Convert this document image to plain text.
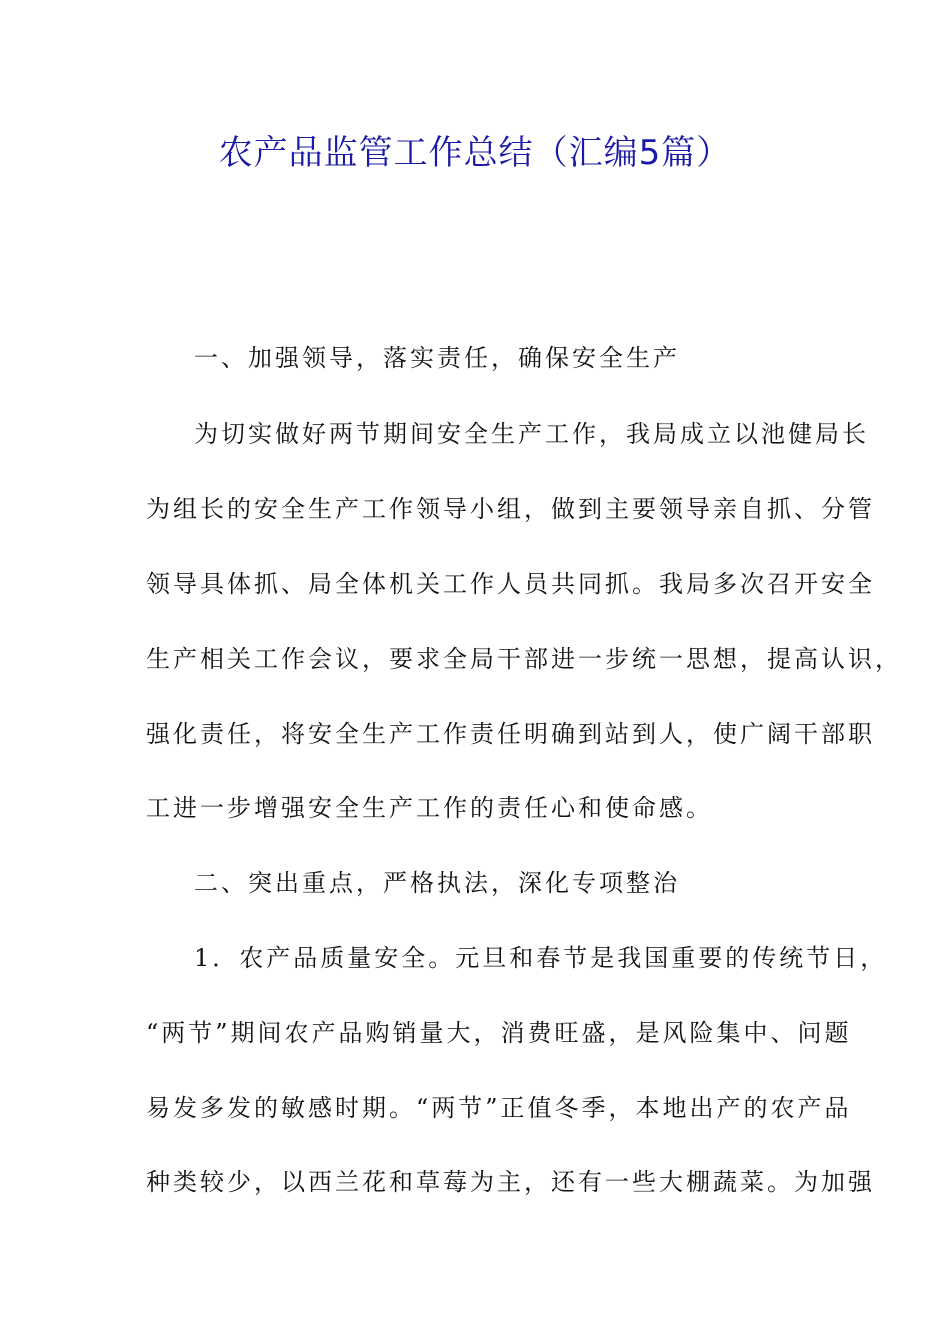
农产品监管工作总结（汇编5篇）
一、加强领导，落实责任，确保安全生产
为切实做好两节期间安全生产工作，我局成立以池健局长
为组长的安全生产工作领导小组，做到主要领导亲自抓、分管
领导具体抓、局全体机关工作人员共同抓。我局多次召开安全
生产相关工作会议，要求全局干部进一步统一思想，提高认识，
强化责任，将安全生产工作责任明确到站到人，使广阔干部职
工进一步增强安全生产工作的责任心和使命感。
二、突出重点，严格执法，深化专项整治
1．农产品质量安全。元旦和春节是我国重要的传统节日，
“两节”期间农产品购销量大，消费旺盛，是风险集中、问题
易发多发的敏感时期。“两节”正值冬季，本地出产的农产品
种类较少，以西兰花和草莓为主，还有一些大棚蔬菜。为加强
